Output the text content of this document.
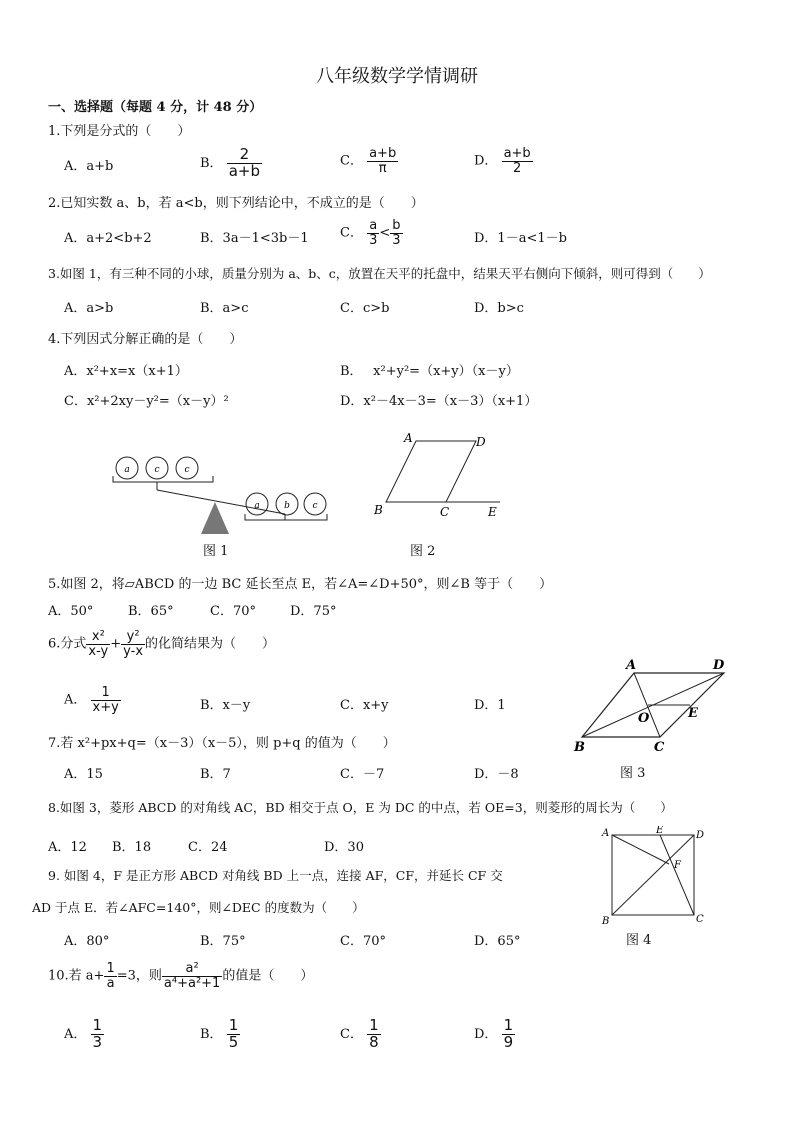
八年级数学学情调研
一、选择题（每题 4 分，计 48 分）
1.下列是分式的（　　）
A．a+b	B． $\frac{2}{a+b}$	C． $\frac{a+b}{\pi}$	D． $\frac{a+b}{2}$
2.已知实数 a、b，若 a<b，则下列结论中，不成立的是（　　）
A．a+2<b+2	B．3a－1<3b－1 C． $\frac{a}{3} < \frac{b}{3}$	D．1－a<1－b
3.如图 1，有三种不同的小球，质量分别为 a、b、c，放置在天平的托盘中，结果天平右侧向下倾斜，则可得到（　　）
A．a>b	B．a>c	C．c>b	D．b>c
4.下列因式分解正确的是（　　）
A．x²+x=x（x+1）	B．　 x²+y²=（x+y）（x－y）
C．x²+2xy－y²=（x－y）²	D．x²－4x－3=（x－3）（x+1）
a	c	c
a	b	c
图 1
A	D
B	C	E
图 2
5.如图 2，将▱ABCD 的一边 BC 延长至点 E，若∠A=∠D+50°，则∠B 等于（　　）
A．50°	B．65°	C．70°	D．75°
6.分式 $\frac{\text{x²}}{x-y} + \frac{\text{y²}}{y-x}$ 的化简结果为（　　）
A． $\frac{1}{x+y}$	B．x－y	C．x+y	D．1
A	D
B	C
O	E
图 3
7.若 x²+px+q=（x－3）（x－5），则 p+q 的值为（　　）
A．15	B．7	C．－7	D．－8
8.如图 3，菱形 ABCD 的对角线 AC，BD 相交于点 O，E 为 DC 的中点，若 OE=3，则菱形的周长为（　　）
A．12 B．18	C．24	D．30
A	E	D
F
B	C
图 4
9. 如图 4，F 是正方形 ABCD 对角线 BD 上一点，连接 AF，CF，并延长 CF 交
AD 于点 E．若∠AFC=140°，则∠DEC 的度数为（　　）
A．80°	B．75°	C．70°	D．65°
10.若 $a+ \frac{1}{a} =3$，则 $\frac{\text{a²}}{\text{a⁴+a²+1}}$ 的值是（　　）
A． $\frac{1}{3}$	B． $\frac{1}{5}$	C． $\frac{1}{8}$	D． $\frac{1}{9}$
